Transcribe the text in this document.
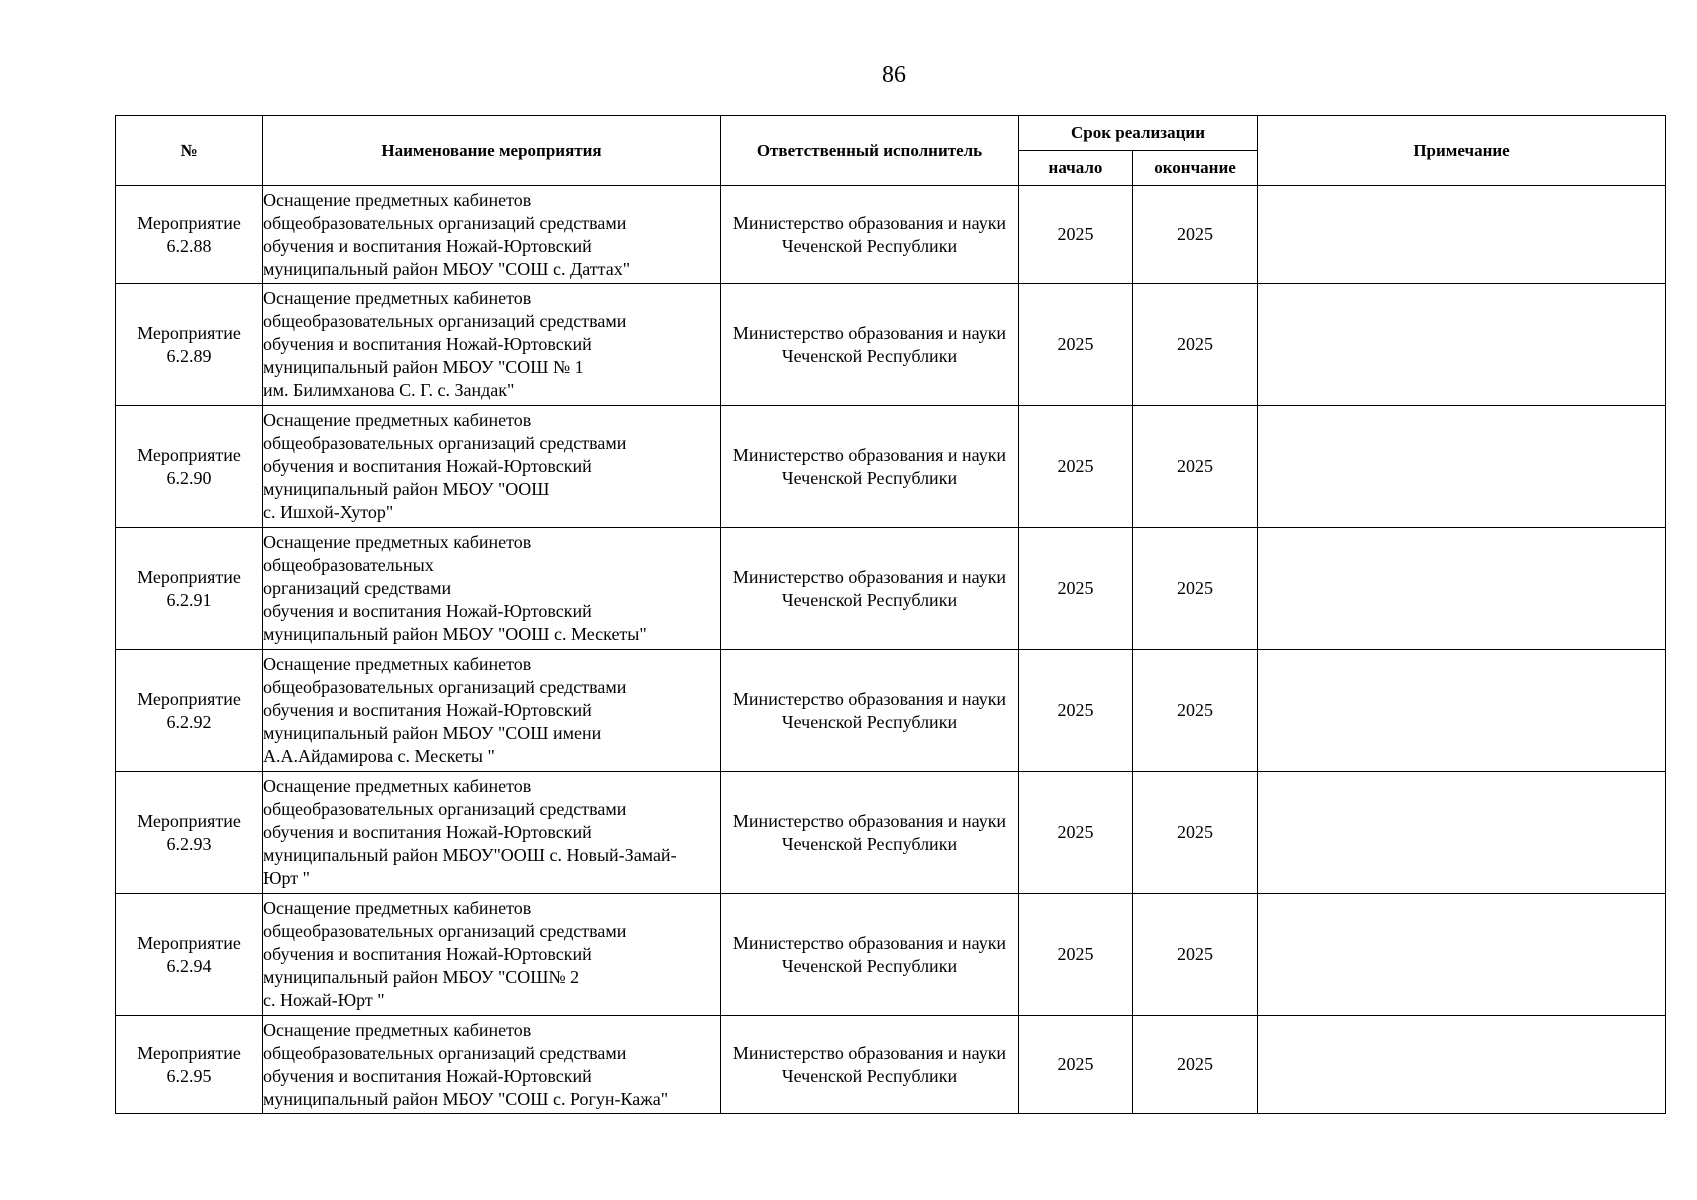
86
№	Наименование мероприятия	Ответственный исполнитель	Срок реализации		Примечание
			начало	окончание	

Мероприятие
6.2.88	Оснащение предметных кабинетов
общеобразовательных организаций средствами
обучения и воспитания Ножай-Юртовский
муниципальный район МБОУ "СОШ с. Даттах"	Министерство образования и науки
Чеченской Республики	2025	2025	

Мероприятие
6.2.89	Оснащение предметных кабинетов
общеобразовательных организаций средствами
обучения и воспитания Ножай-Юртовский
муниципальный район МБОУ "СОШ № 1
им. Билимханова С. Г. с. Зандак"	Министерство образования и науки
Чеченской Республики	2025	2025	

Мероприятие
6.2.90	Оснащение предметных кабинетов
общеобразовательных организаций средствами
обучения и воспитания Ножай-Юртовский
муниципальный район МБОУ "ООШ
с. Ишхой-Хутор"	Министерство образования и науки
Чеченской Республики	2025	2025	

Мероприятие
6.2.91	Оснащение предметных кабинетов
общеобразовательных
организаций средствами
обучения и воспитания Ножай-Юртовский
муниципальный район МБОУ "ООШ с. Мескеты"	Министерство образования и науки
Чеченской Республики	2025	2025	

Мероприятие
6.2.92	Оснащение предметных кабинетов
общеобразовательных организаций средствами
обучения и воспитания Ножай-Юртовский
муниципальный район МБОУ "СОШ имени
А.А.Айдамирова с. Мескеты "	Министерство образования и науки
Чеченской Республики	2025	2025	

Мероприятие
6.2.93	Оснащение предметных кабинетов
общеобразовательных организаций средствами
обучения и воспитания Ножай-Юртовский
муниципальный район МБОУ"ООШ с. Новый-Замай-
Юрт "	Министерство образования и науки
Чеченской Республики	2025	2025	

Мероприятие
6.2.94	Оснащение предметных кабинетов
общеобразовательных организаций средствами
обучения и воспитания Ножай-Юртовский
муниципальный район МБОУ "СОШ№ 2
с. Ножай-Юрт "	Министерство образования и науки
Чеченской Республики	2025	2025	

Мероприятие
6.2.95	Оснащение предметных кабинетов
общеобразовательных организаций средствами
обучения и воспитания Ножай-Юртовский
муниципальный район МБОУ "СОШ с. Рогун-Кажа"	Министерство образования и науки
Чеченской Республики	2025	2025	
